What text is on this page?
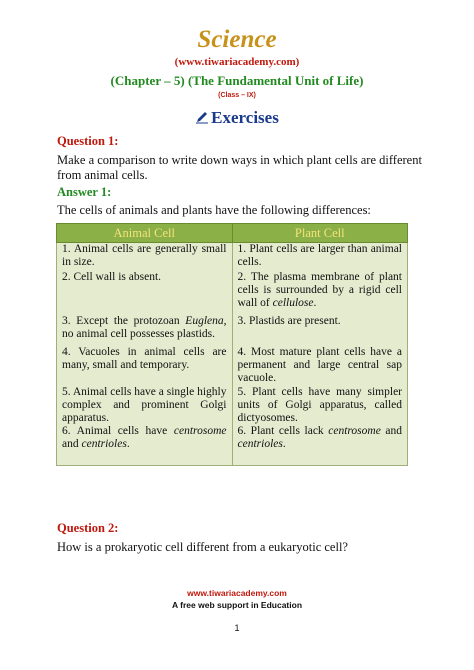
Science
(www.tiwariacademy.com)
(Chapter – 5) (The Fundamental Unit of Life)
(Class – IX)
Exercises
Question 1:
Make a comparison to write down ways in which plant cells are different from animal cells.
Answer 1:
The cells of animals and plants have the following differences:
Animal Cell	Plant Cell

1. Animal cells are generally small in size.	1. Plant cells are larger than animal cells.

2. Cell wall is absent.	2. The plasma membrane of plant cells is surrounded by a rigid cell wall of cellulose.

3. Except the protozoan Euglena, no animal cell possesses plastids.	3. Plastids are present.

4. Vacuoles in animal cells are many, small and temporary.	4. Most mature plant cells have a permanent and large central sap vacuole.

5. Animal cells have a single highly complex and prominent Golgi apparatus.	5. Plant cells have many simpler units of Golgi apparatus, called dictyosomes.

6. Animal cells have centrosome and centrioles.	6. Plant cells lack centrosome and centrioles.
Question 2:
How is a prokaryotic cell different from a eukaryotic cell?
www.tiwariacademy.com
A free web support in Education
1
